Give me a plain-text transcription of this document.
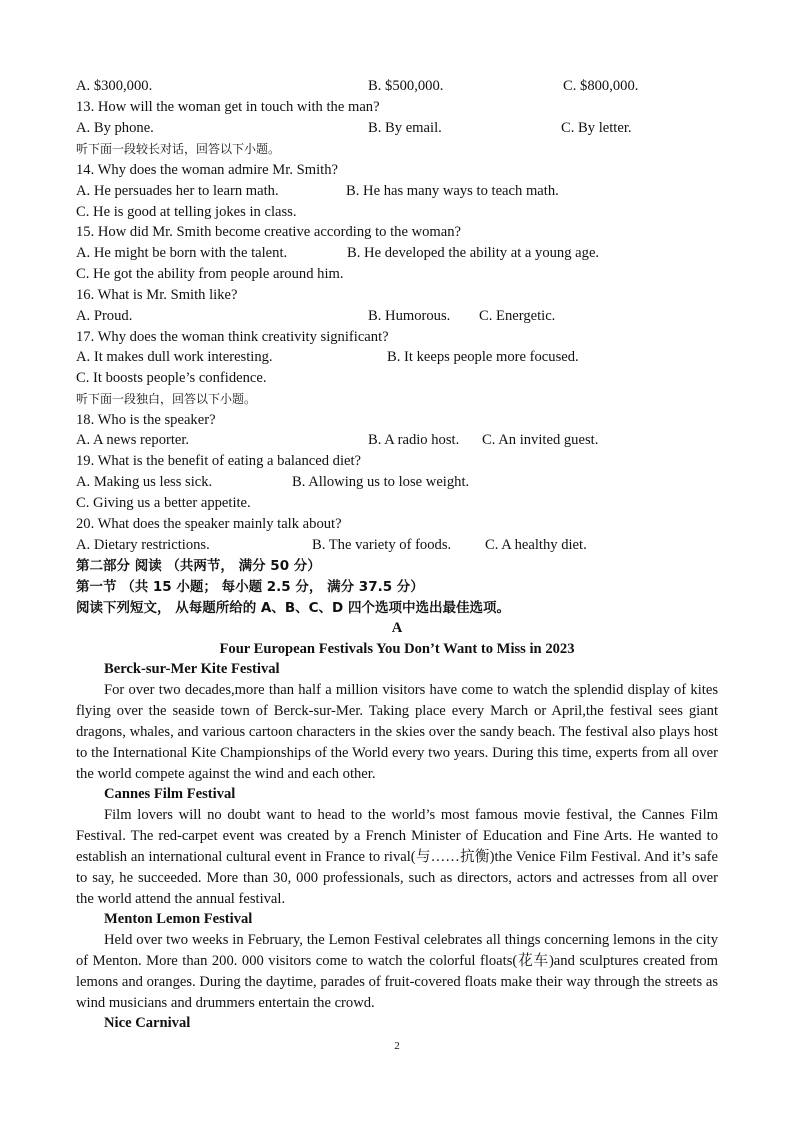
A. $300,000.	B. $500,000.	C. $800,000.
13. How will the woman get in touch with the man?
A. By phone.	B. By email.	C. By letter.
听下面一段较长对话，回答以下小题。
14. Why does the woman admire Mr. Smith?
A. He persuades her to learn math.	B. He has many ways to teach math.
C. He is good at telling jokes in class.
15. How did Mr. Smith become creative according to the woman?
A. He might be born with the talent.	B. He developed the ability at a young age.
C. He got the ability from people around him.
16. What is Mr. Smith like?
A. Proud.	B. Humorous. C. Energetic.
17. Why does the woman think creativity significant?
A. It makes dull work interesting.	B. It keeps people more focused.
C. It boosts people’s confidence.
听下面一段独白，回答以下小题。
18. Who is the speaker?
A. A news reporter.	B. A radio host. C. An invited guest.
19. What is the benefit of eating a balanced diet?
A. Making us less sick.	B. Allowing us to lose weight.
C. Giving us a better appetite.
20. What does the speaker mainly talk about?
A. Dietary restrictions.	B. The variety of foods. C. A healthy diet.
第二部分 阅读 （共两节， 满分 50 分）
第一节 （共 15 小题； 每小题 2.5 分， 满分 37.5 分）
阅读下列短文， 从每题所给的 A、B、C、D 四个选项中选出最佳选项。
A
Four European Festivals You Don’t Want to Miss in 2023
Berck-sur-Mer Kite Festival

For over two decades,more than half a million visitors have come to watch the splendid display of kites flying over the seaside town of Berck-sur-Mer. Taking place every March or April,the festival sees giant dragons, whales, and various cartoon characters in the skies over the sandy beach. The festival also plays host to the International Kite Championships of the World every two years. During this time, experts from all over the world compete against the wind and each other.

Cannes Film Festival

Film lovers will no doubt want to head to the world’s most famous movie festival, the Cannes Film Festival. The red-carpet event was created by a French Minister of Education and Fine Arts. He wanted to establish an international cultural event in France to rival(与……抗衡)the Venice Film Festival. And it’s safe to say, he succeeded. More than 30, 000 professionals, such as directors, actors and actresses from all over the world attend the annual festival.

Menton Lemon Festival

Held over two weeks in February, the Lemon Festival celebrates all things concerning lemons in the city of Menton. More than 200. 000 visitors come to watch the colorful floats(花车)and sculptures created from lemons and oranges. During the daytime, parades of fruit-covered floats make their way through the streets as wind musicians and drummers entertain the crowd.

Nice Carnival
2
